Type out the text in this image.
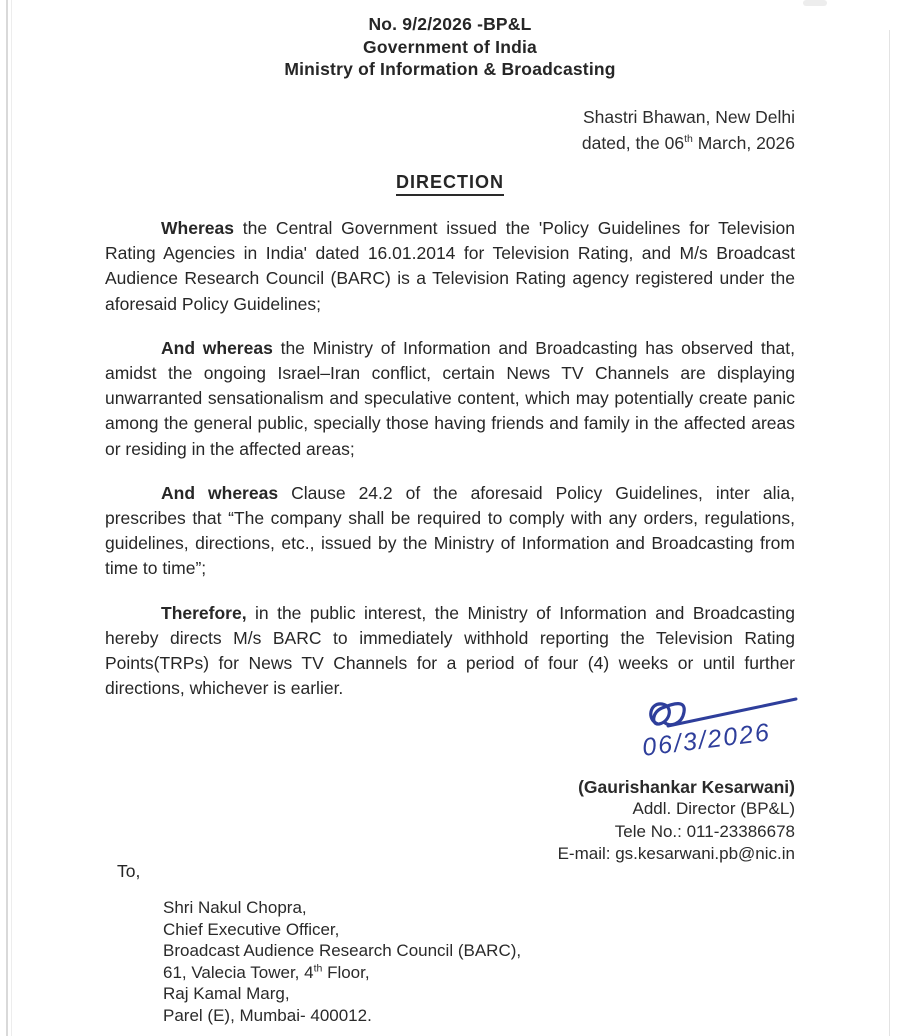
No. 9/2/2026 -BP&L
Government of India
Ministry of Information & Broadcasting
Shastri Bhawan, New Delhi
dated, the 06th March, 2026
DIRECTION

Whereas the Central Government issued the 'Policy Guidelines for Television Rating Agencies in India' dated 16.01.2014 for Television Rating, and M/s Broadcast Audience Research Council (BARC) is a Television Rating agency registered under the aforesaid Policy Guidelines;

And whereas the Ministry of Information and Broadcasting has observed that, amidst the ongoing Israel–Iran conflict, certain News TV Channels are displaying unwarranted sensationalism and speculative content, which may potentially create panic among the general public, specially those having friends and family in the affected areas or residing in the affected areas;

And whereas Clause 24.2 of the aforesaid Policy Guidelines, inter alia, prescribes that “The company shall be required to comply with any orders, regulations, guidelines, directions, etc., issued by the Ministry of Information and Broadcasting from time to time”;

Therefore, in the public interest, the Ministry of Information and Broadcasting hereby directs M/s BARC to immediately withhold reporting the Television Rating Points(TRPs) for News TV Channels for a period of four (4) weeks or until further directions, whichever is earlier.

06/3/2026
(Gaurishankar Kesarwani)
Addl. Director (BP&L)
Tele No.: 011-23386678
E-mail: gs.kesarwani.pb@nic.in
To,
Shri Nakul Chopra,
Chief Executive Officer,
Broadcast Audience Research Council (BARC),
61, Valecia Tower, 4th Floor,
Raj Kamal Marg,
Parel (E), Mumbai- 400012.
